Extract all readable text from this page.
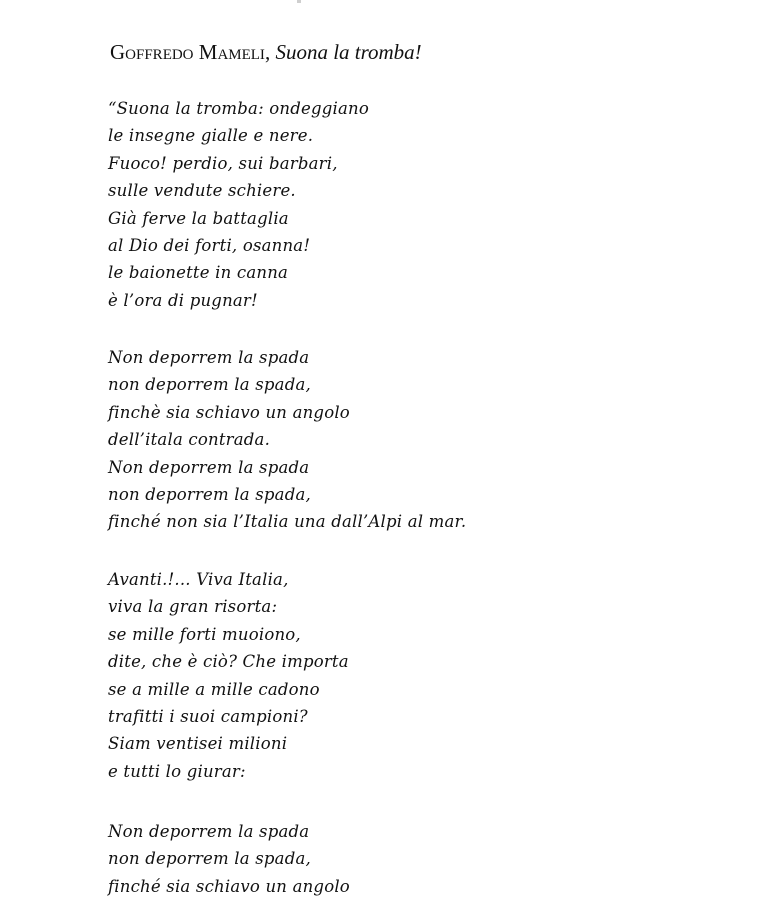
Goffredo Mameli, Suona la tromba!
“Suona la tromba: ondeggiano
le insegne gialle e nere.
Fuoco! perdio, sui barbari,
sulle vendute schiere.
Già ferve la battaglia
al Dio dei forti, osanna!
le baionette in canna
è l’ora di pugnar!
Non deporrem la spada
non deporrem la spada,
finchè sia schiavo un angolo
dell’itala contrada.
Non deporrem la spada
non deporrem la spada,
finché non sia l’Italia una dall’Alpi al mar.
Avanti.!... Viva Italia,
viva la gran risorta:
se mille forti muoiono,
dite, che è ciò? Che importa
se a mille a mille cadono
trafitti i suoi campioni?
Siam ventisei milioni
e tutti lo giurar:
Non deporrem la spada
non deporrem la spada,
finché sia schiavo un angolo
